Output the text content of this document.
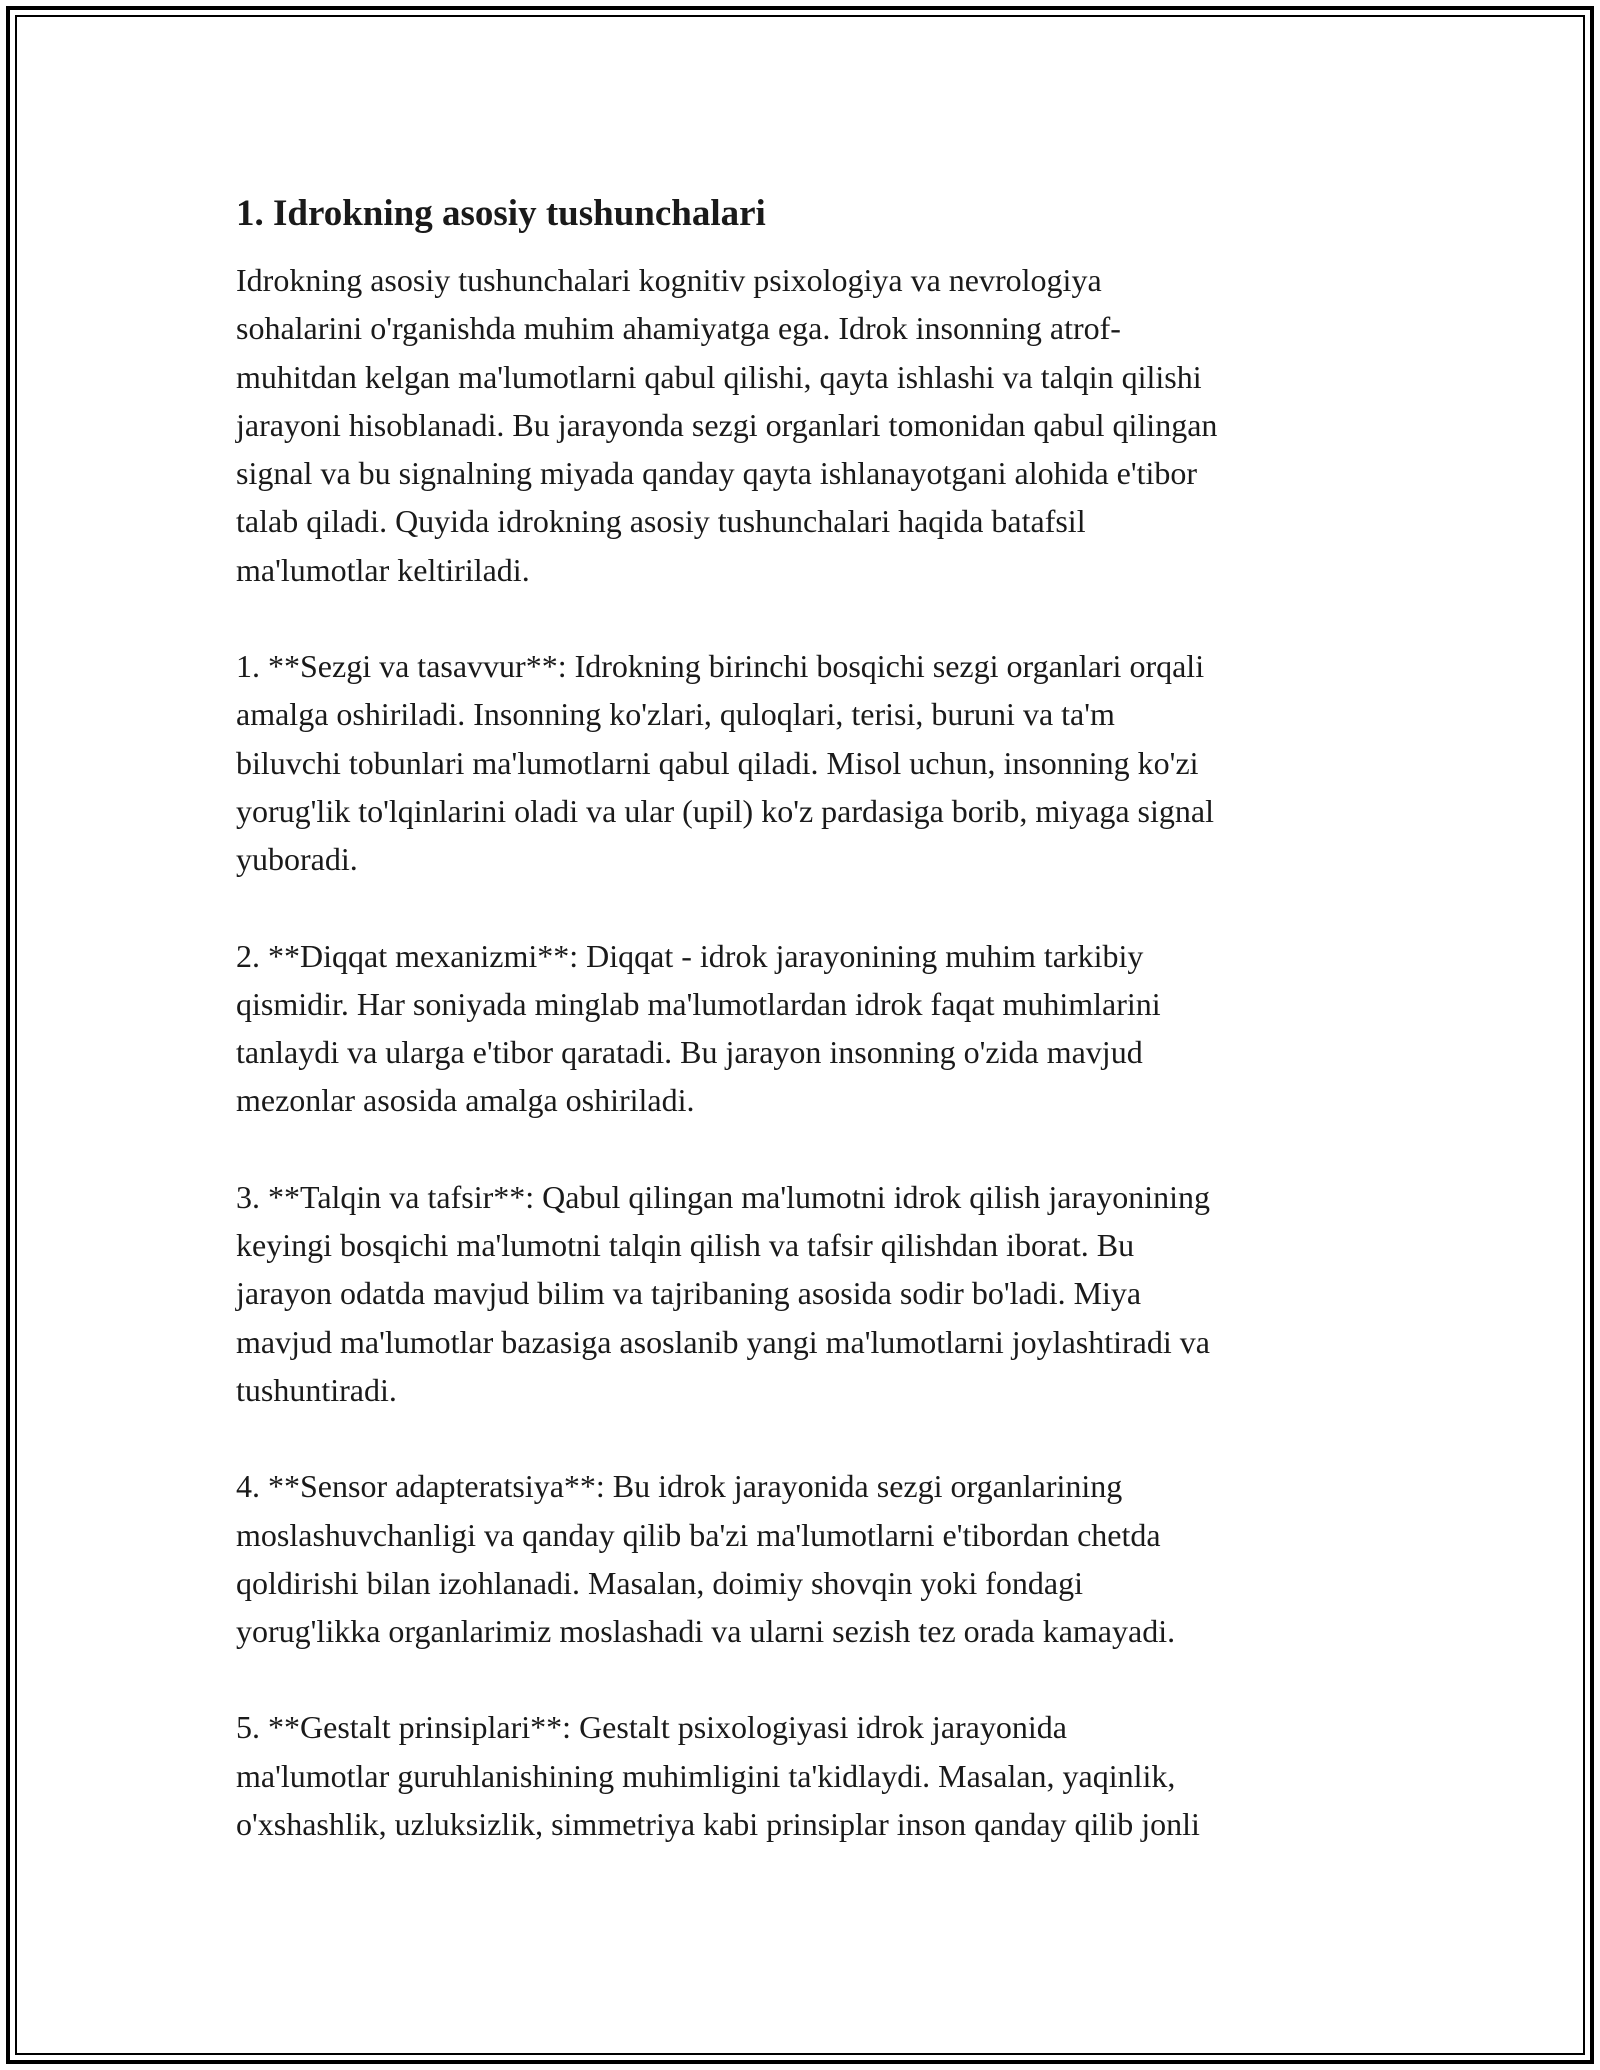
1. Idrokning asosiy tushunchalari

Idrokning asosiy tushunchalari kognitiv psixologiya va nevrologiya
sohalarini o'rganishda muhim ahamiyatga ega. Idrok insonning atrof-
muhitdan kelgan ma'lumotlarni qabul qilishi, qayta ishlashi va talqin qilishi
jarayoni hisoblanadi. Bu jarayonda sezgi organlari tomonidan qabul qilingan
signal va bu signalning miyada qanday qayta ishlanayotgani alohida e'tibor
talab qiladi. Quyida idrokning asosiy tushunchalari haqida batafsil
ma'lumotlar keltiriladi.

1. **Sezgi va tasavvur**: Idrokning birinchi bosqichi sezgi organlari orqali
amalga oshiriladi. Insonning ko'zlari, quloqlari, terisi, buruni va ta'm
biluvchi tobunlari ma'lumotlarni qabul qiladi. Misol uchun, insonning ko'zi
yorug'lik to'lqinlarini oladi va ular (upil) ko'z pardasiga borib, miyaga signal
yuboradi.

2. **Diqqat mexanizmi**: Diqqat - idrok jarayonining muhim tarkibiy
qismidir. Har soniyada minglab ma'lumotlardan idrok faqat muhimlarini
tanlaydi va ularga e'tibor qaratadi. Bu jarayon insonning o'zida mavjud
mezonlar asosida amalga oshiriladi.

3. **Talqin va tafsir**: Qabul qilingan ma'lumotni idrok qilish jarayonining
keyingi bosqichi ma'lumotni talqin qilish va tafsir qilishdan iborat. Bu
jarayon odatda mavjud bilim va tajribaning asosida sodir bo'ladi. Miya
mavjud ma'lumotlar bazasiga asoslanib yangi ma'lumotlarni joylashtiradi va
tushuntiradi.

4. **Sensor adapteratsiya**: Bu idrok jarayonida sezgi organlarining
moslashuvchanligi va qanday qilib ba'zi ma'lumotlarni e'tibordan chetda
qoldirishi bilan izohlanadi. Masalan, doimiy shovqin yoki fondagi
yorug'likka organlarimiz moslashadi va ularni sezish tez orada kamayadi.

5. **Gestalt prinsiplari**: Gestalt psixologiyasi idrok jarayonida
ma'lumotlar guruhlanishining muhimligini ta'kidlaydi. Masalan, yaqinlik,
o'xshashlik, uzluksizlik, simmetriya kabi prinsiplar inson qanday qilib jonli
